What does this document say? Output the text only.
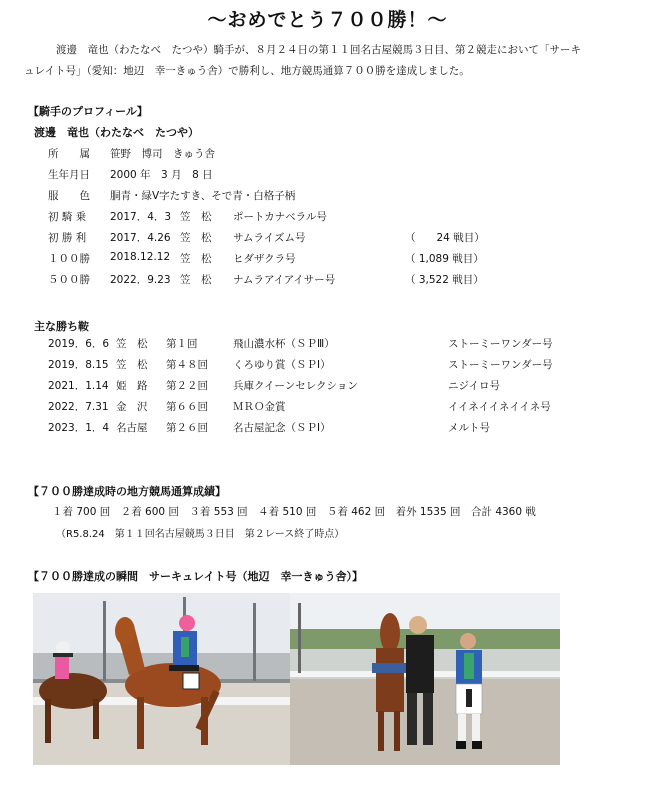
～おめでとう７００勝！～
渡邊　竜也（わたなべ　たつや）騎手が、８月２４日の第１１回名古屋競馬３日目、第２競走において「サーキ
ュレイト号」（愛知：地辺　幸一きゅう舎）で勝利し、地方競馬通算７００勝を達成しました。
【騎手のプロフィール】
渡邊　竜也（わたなべ　たつや）
所　　属 笹野　博司　きゅう舎
生年月日 2000 年　3 月　8 日
服　　色 胴青・緑V字たすき、そで青・白格子柄
初 騎 乗 2017．4．3 笠　松 ポートカナベラル号
初 勝 利 2017．4.26 笠　松 サムライズム号	（　　24 戦目）
１００勝 2018.12.12 笠　松 ヒダザクラ号	（ 1,089 戦目）
５００勝 2022．9.23 笠　松 ナムラアイアイサー号	（ 3,522 戦目）
主な勝ち鞍
2019．6．6 笠　松 第１回	飛山濃水杯（ＳＰⅢ）	ストーミーワンダー号
2019．8.15 笠　松 第４８回 くろゆり賞（ＳＰⅠ）	ストーミーワンダー号
2021．1.14 姫　路 第２２回 兵庫クイーンセレクション	ニジイロ号
2022．7.31 金　沢 第６６回 ＭＲＯ金賞	イイネイイネイイネ号
2023．1．4 名古屋 第２６回 名古屋記念（ＳＰⅠ）	メルト号
【７００勝達成時の地方競馬通算成績】
１着 700 回　２着 600 回　３着 553 回　４着 510 回　５着 462 回　着外 1535 回　合計 4360 戦
（R5.8.24　第１１回名古屋競馬３日目　第２レース終了時点）
【７００勝達成の瞬間　サーキュレイト号（地辺　幸一きゅう舎）】
